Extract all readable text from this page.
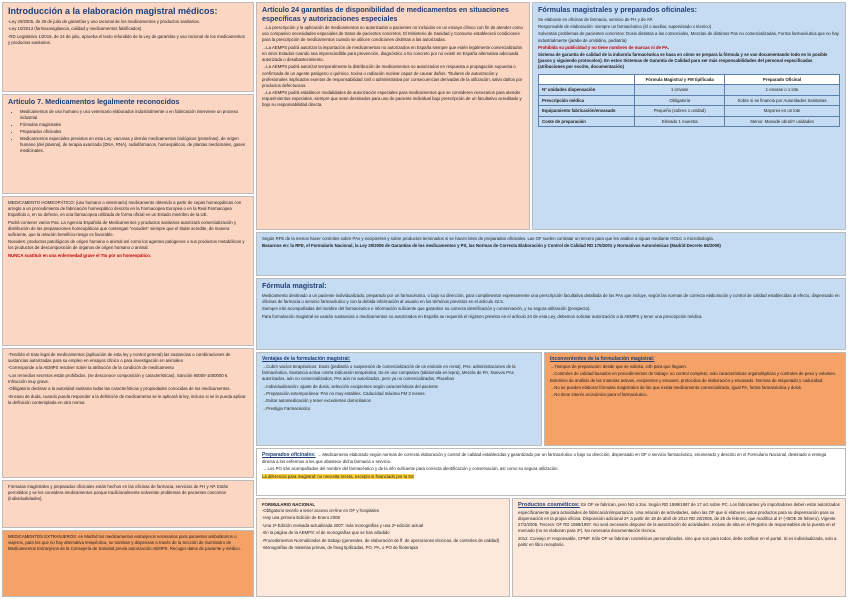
Introducción a la elaboración magistral médicos:

-Ley 29/2006, de 26 de julio de garantías y uso racional de los medicamentos y productos sanitarios.

-Ley 10/2013 (farmacovigilancia, calidad y medicamentos falsificados)

-RD Legislativo 1/2015, de 24 de julio, aprueba el texto refundido de la Ley de garantías y uso racional de los medicamentos y productos sanitarios.

Artículo 7. Medicamentos legalmente reconocidos
• Medicamentos de uso humano y uso veterinario elaborados industrialmente o en fabricación interviene un proceso industrial
• Fórmulas magistrales
• Preparados oficinales
• Medicamentos especiales previstos en esta Ley: vacunas y demás medicamentos biológicos (proteínas), de origen humano (del plasma), de terapia avanzada (DNA, RNA), radiofármacos, homeopáticos, de plantas medicinales, gases medicinales.

MEDICAMENTO HOMEOPÁTICO: (uso humano o veterinario) medicamento obtenido a partir de cepas homeopáticas con arreglo a un procedimiento de fabricación homeopático descrito en la Farmacopea Europea o en la Real Farmacopea Española o, en su defecto, en una farmacopea utilizada de forma oficial en un Estado miembro de la UE.

Podrá contener varios Pas. La Agencia Española de Medicamentos y productos sanitarios autorizará comercialización y distribución de las preparaciones homeopáticas que contengan "nosodes" siempre que el titular acredite, de manera suficiente, que la relación beneficio-riesgo es favorable.

Nosodes: productos patológicos de origen humano o animal así como los agentes patógenos o sus productos metabólicos y los productos de descomposición de órganos de origen humano o animal.

NUNCA sustituir en una enfermedad grave el Tto por un homeopático.

-Tendrán el trato legal de medicamentos (aplicación de esta ley y control general) las sustancias o combinaciones de sustancias autorizadas para su empleo en ensayos clínico o para investigación en animales

-Corresponde a la AEMPS resolver sobre la atribución de la condición de medicamento

-Los remedios secretos están prohibidos. (se desconoce composición y características). Sanción 90000-1000000 €. Infracción muy grave.

-Obligatorio declarar a la autoridad sanitaria todas las características y propiedades conocidas de los medicamentos.

-Encaso de duda, cuando pueda responder a la definición de medicamento se le aplicará la ley, incluso si se le pueda aplicar la definición contemplada en otra norma

Fórmulas magistrales y preparados oficinales están hechos en las oficinas de farmacia, servicios de FH y AP. Están permitidos y se los considera medicamentos porque tradicionalmente solventan problemas de pacientes concretos (individualidades).

MEDICAMENTOS EXTRANJEROS: en Madrid los medicamentos extranjeros necesarios para pacientes ambulatorios o viajeros, para los que no hay alternativa terapéutica, se tramitan y dispensan a través de la Sección de Suministro de Medicamentos Extranjeros de la Consejería de Sanidad previa autorización AEMPS. Recoger datos de paciente y médico.

Artículo 24 garantías de disponibilidad de medicamentos en situaciones específicas y autorizaciones especiales

→La prescripción y la aplicación de medicamentos no autorizados a pacientes no incluidos en un ensayo clínico con fin de atender como uso compasivo necesidades especiales de tratos de pacientes concretos. El Ministerio de Sanidad y Consumo establecerá condiciones para la prescripción de medicamentos cuando se utilicen condiciones distintas a las autorizadas.

→La AEMPS podrá autorizar la importación de medicamentos no autorizados en España siempre que estén legalmente comercializados en otros Estados cuando sea imprescindible para prevención, diagnóstico o tto concreto por no existir en España alternativa adecuada autorizada o desabastecimiento.

→La AEMPS podrá autorizar temporalmente la distribución de medicamentos no autorizados en respuesta a propagación supuesta o confirmada de un agente patógeno o químico, toxina o radiación nuclear capaz de causar daños. Titulares de autorización y profesionales implicados exentos de responsabilidad civil o administrativa por consecuencias derivadas de la utilización, salvo daños por productos defectuosos.

→La AEMPS podrá establecer modalidades de autorización especiales para medicamentos que se consideren necesarios para atender requerimientos especiales, siempre que sean destinados para uso de paciente individual bajo prescripción de un facultativo acreditado y bajo su responsabilidad directa.

Fórmulas magistrales y preparados oficinales:

Se elaboran en oficinas de farmacia, servicio de FH y de AP.

Responsable de elaboración: siempre un farmacéutico (él o auxiliar, supervisado x técnico)

Solventan problemas de pacientes concretos: Dosis distintas a las comerciales, Mezclas de distintos Pas no comercializadas, Forma farmacéutica que no hay industrialmente (jarabe de omitidino, pediatría)

Prohibida su publicidad y no tiene nombres de marcas ni de PA.

Sistema de garantía de calidad de la industria farmacéutica se basa en cómo se prepara la fórmula y se van documentando todo en lo posible (pasos y siguiendo protocolos). En estos Sistemas de Garantía de Calidad para ser más responsabilidades del personal especificadas (atribuciones por escrito, documentación)

	Fórmula Magistral y FM tipificada	Preparado Oficinal
Nº unidades dispensación	1 envase	1 envase o 1 lote
Prescripción médica	Obligatoria	Sobre si se financia por Autoridades Sanitarias
Equipamiento fabricación/envasado	Pequeño (sobres 1 unidad)	Mayores en un lote
Coste de preparación	Elevado 1 muestra	Menor. Manode obra/nº unidades

Según RFE de la menos hacer controles sobre PAs y excipientes y sobre productos terminados si se hacen lotes de preparados oficinales. Las OF suelen contratar un tercero para que les analice a riguas mediante HOLC o microbiología.

Basarnos en: la RFE, el Formulario Nacional, la Ley 29/2006 de Garantías de los medicamentos y PS, las Normas de Correcta Elaboración y Control de Calidad RD 175/2001 y Normativas Autonómicas (Madrid Decreto 65/2009)

Fórmula magistral:

Medicamento destinado a un paciente individualizado, preparado por un farmacéutico, o bajo su dirección, para cumplimentar expresamente una prescripción facultativa detallada de los PAs que incluye, según las normas de correcta elaboración y control de calidad establecidas al efecto, dispensado en oficinas de farmacia o servicio farmacéutico y con la debida información al usuario en los términos previstos en el artículo 42.5.

Siempre irán acompañadas del nombre del farmacéutico e información suficiente que garantice su correcta identificación y conservación, y su segura utilización (prospecto).

Para formulación magistral se usarán sustancias o medicamentos no autorizados en España se requerirá el régimen previsto en el artículo 24 de esta Ley, debemos solicitar autorización a la AEMPS y tener una prescripción médica.

Ventajas de la formulación magistral:

→Cubrir vacíos terapéuticos: Dosis (pediatría o suspensión de comercialización de un endosis en renta), PAs: administraciones de la farmacéutica, Sustancia activa contra indicación terapéutica, tto en uso compasivo (talidomida en lepra), Mezcla de PA, Nuevos PAs autorizados, aún no comercializados, PAs aún no autorizados, pero ya no comercializados, Placebos

→Individualización: ajuste de dosis, selección excipientes según características del paciente

→Preparación extemporánea: PAs no muy estables. Caducidad máxima FM 3 meses.

→Evitar automedicación y tener excedentes domiciliarios

→Prestigio Farmacéutico

Inconvenientes de la formulación magistral:

→Tiempos de preparación: desde que se solicita, 24h para que lleguen.

→Controles de calidad basados en procedimientos de trabajo: no control completo, solo características organolépticas y controles de peso y volumen. Boletines de análisis de las materias activas, excipientes y envases, protocolos de elaboración y envasado. Normas de etiquetado y caducidad.

→No se pueden elaborar fórmulas magistrales de las que exista medicamento comercializado, igual PA, forma farmacéutica y dosis.

→No tiene interés económico para el farmacéutico.

Preparados oficinales: → Medicamento elaborado según normas de correcta elaboración y control de calidad establecidas y garantizado por un farmacéutico o bajo su dirección, dispensado en OF o servicio farmacéutico, enumerado y descrito en el Formulario Nacional, destinado a entrega directa a los enfermos a los que abastece dicha farmacia o servicio.

→ Los PO irán acompañados del nombre del farmacéutico y de la info suficiente para correcta identificación y conservación, así como su segura utilización.

La diferencia para magistral: no necesita receta, excepto si financiado por la SS

FORMULARIO NACIONAL

-Obligatorio tenerlo a tener acceso on-line en OF y hospitales

-Hay una primera Edición de Enero 2008

-Una 2ª Edición revisada-actualizada 2007: más monografías y una 2ª edición actual

-En la página de la AEMPS: el de monografías que se han añadido

-Procedimientos Normalizados de trabajo (generales, de elaboración de ff. de operaciones técnicas, de controles de calidad)

-Monografías de materias primas, de fmag tipificadas, PO, PA, o PO de fitoterapia

Productos cosméticos: En OF se fabrican, pero NO a 3os. Según RD 1599/1997 de 17 oct sobre PC. Los fabricantes y/o importadores deben estar autorizados específicamente para actividades de fabricación/importación. Una relación de actividades, salvo las OF que sí elaboren estos productos para su dispensación para su dispensación en la propia oficina. Disposición adicional 2ª: a partir de 18 de abril de 2014 RD 20/2005, de 25 de febrero, que modifica al 1º (+BOE 26 febrero). Vigente 27/2/2005. Tercera: OF RD 1599/1997. No será necesario disponer de la autorización de actividades. Incluse de alta en el Registro de responsables de la puesta en el mercado (no se elaboran para 3º). No necesaria documentación técnica.

2012. Consejo nº responsable, CPNP. Sólo OF se fabrican cosméticos personalizados, sino que son para todos, debe notificar en el portal. Si es individualizada, solo a partir en libro receptario.
